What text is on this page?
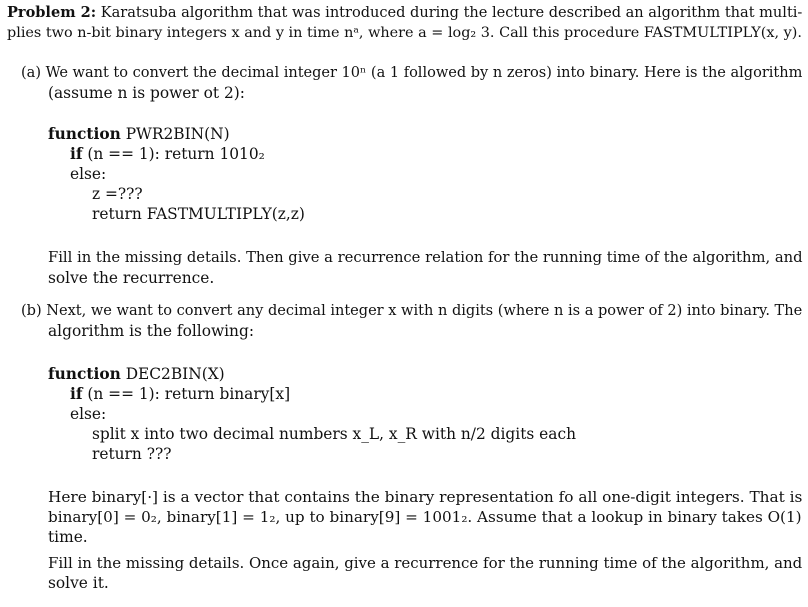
Problem 2: Karatsuba algorithm that was introduced during the lecture described an algorithm that multi-
plies two n-bit binary integers x and y in time nᵃ, where a = log₂ 3. Call this procedure FASTMULTIPLY(x, y).
(a) We want to convert the decimal integer 10ⁿ (a 1 followed by n zeros) into binary. Here is the algorithm
(assume n is power ot 2):
function PWR2BIN(N)
if (n == 1): return 1010₂
else:
z =???
return FASTMULTIPLY(z,z)
Fill in the missing details. Then give a recurrence relation for the running time of the algorithm, and
solve the recurrence.
(b) Next, we want to convert any decimal integer x with n digits (where n is a power of 2) into binary. The
algorithm is the following:
function DEC2BIN(X)
if (n == 1): return binary[x]
else:
split x into two decimal numbers x_L, x_R with n/2 digits each
return ???
Here binary[·] is a vector that contains the binary representation fo all one-digit integers. That is
binary[0] = 0₂, binary[1] = 1₂, up to binary[9] = 1001₂. Assume that a lookup in binary takes O(1)
time.
Fill in the missing details. Once again, give a recurrence for the running time of the algorithm, and
solve it.
